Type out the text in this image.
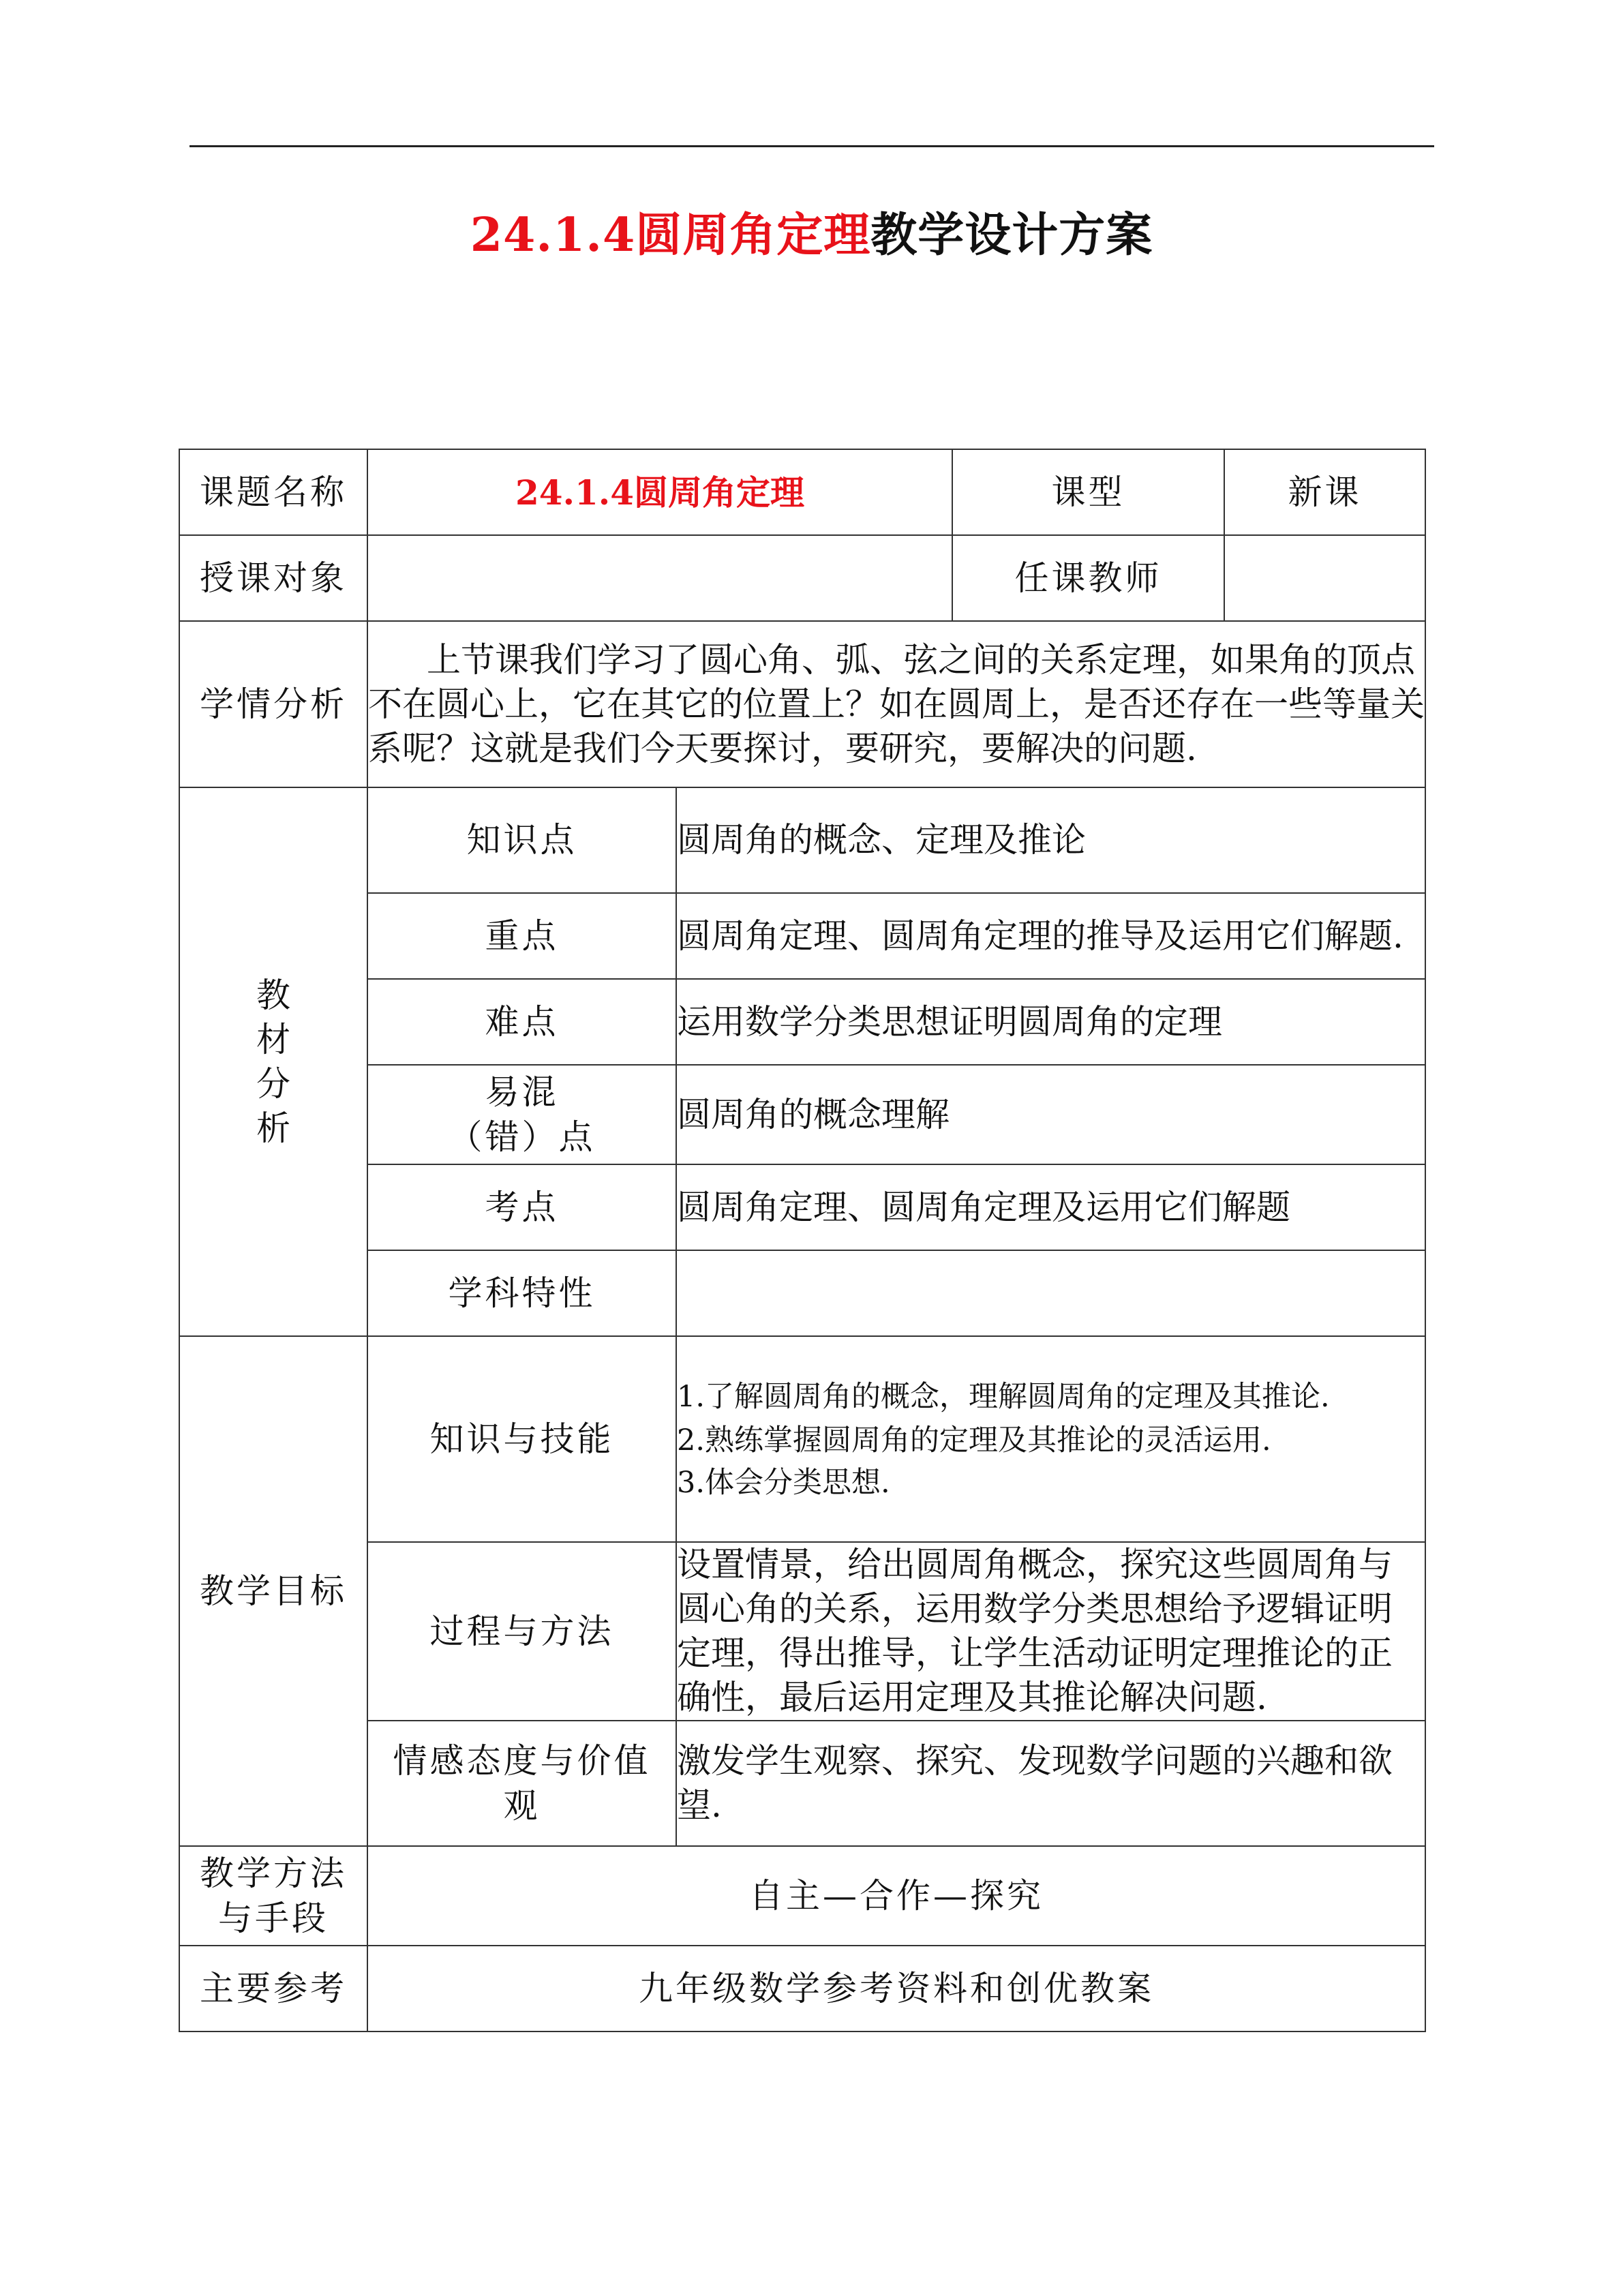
24.1.4圆周角定理教学设计方案
课题名称	24.1.4圆周角定理		课型	新课
授课对象			任课教师	
学情分析	上节课我们学习了圆心角、弧、弦之间的关系定理，如果角的顶点不在圆心上，它在其它的位置上？如在圆周上，是否还存在一些等量关系呢？这就是我们今天要探讨，要研究，要解决的问题.			

教
材
分
析	知识点	圆周角的概念、定理及推论		
	重点	圆周角定理、圆周角定理的推导及运用它们解题.		
	难点	运用数学分类思想证明圆周角的定理		

	易混
（错）点	圆周角的概念理解		
	考点	圆周角定理、圆周角定理及运用它们解题		
	学科特性			
教学目标	知识与技能	1.了解圆周角的概念，理解圆周角的定理及其推论.
2.熟练掌握圆周角的定理及其推论的灵活运用.
3.体会分类思想.		

	过程与方法	设置情景，给出圆周角概念，探究这些圆周角与圆心角的关系，运用数学分类思想给予逻辑证明定理，得出推导，让学生活动证明定理推论的正确性，最后运用定理及其推论解决问题.		
	情感态度与价值观	激发学生观察、探究、发现数学问题的兴趣和欲望.		

教学方法
与手段	自主—合作—探究			
主要参考	九年级数学参考资料和创优教案			
